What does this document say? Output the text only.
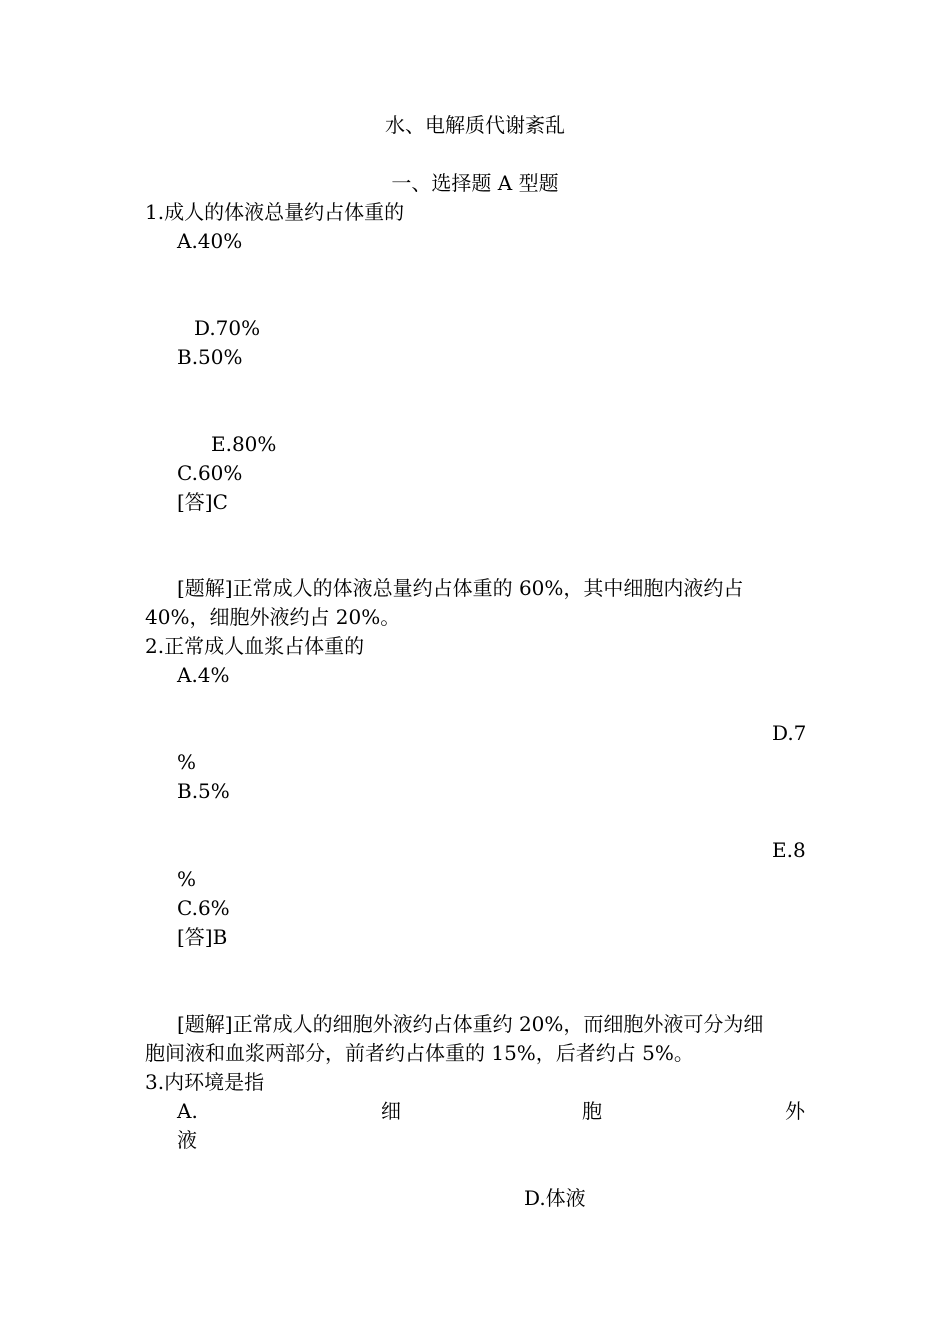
水、电解质代谢紊乱

一、选择题 A 型题

1.成人的体液总量约占体重的

A.40%

D.70%

B.50%

E.80%

C.60%

[答]C

[题解]正常成人的体液总量约占体重的 60%，其中细胞内液约占

40%，细胞外液约占 20%。

2.正常成人血浆占体重的

A.4%

D.7

%

B.5%

E.8

%

C.6%

[答]B

[题解]正常成人的细胞外液约占体重约 20%，而细胞外液可分为细

胞间液和血浆两部分，前者约占体重的 15%，后者约占 5%。

3.内环境是指

A.	细	胞	外

液

D.体液
